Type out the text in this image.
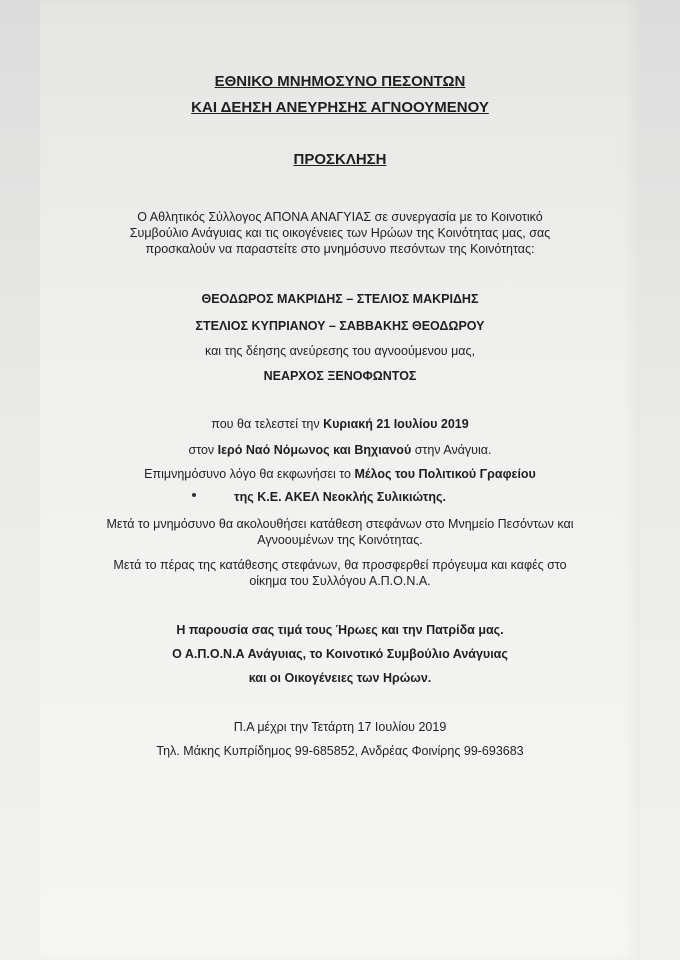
ΕΘΝΙΚΟ ΜΝΗΜΟΣΥΝΟ ΠΕΣΟΝΤΩΝ
ΚΑΙ ΔΕΗΣΗ ΑΝΕΥΡΗΣΗΣ ΑΓΝΟΟΥΜΕΝΟΥ
ΠΡΟΣΚΛΗΣΗ
Ο Αθλητικός Σύλλογος ΑΠΟΝΑ ΑΝΑΓΥΙΑΣ σε συνεργασία με το Κοινοτικό
Συμβούλιο Ανάγυιας και τις οικογένειες των Ηρώων της Κοινότητας μας, σας
προσκαλούν να παραστείτε στο μνημόσυνο πεσόντων της Κοινότητας:
ΘΕΟΔΩΡΟΣ ΜΑΚΡΙΔΗΣ – ΣΤΕΛΙΟΣ ΜΑΚΡΙΔΗΣ
ΣΤΕΛΙΟΣ ΚΥΠΡΙΑΝΟΥ – ΣΑΒΒΑΚΗΣ ΘΕΟΔΩΡΟΥ
και της δέησης ανεύρεσης του αγνοούμενου μας,
ΝΕΑΡΧΟΣ ΞΕΝΟΦΩΝΤΟΣ
που θα τελεστεί την Κυριακή 21 Ιουλίου 2019
στον Ιερό Ναό Νόμωνος και Βηχιανού στην Ανάγυια.
Επιμνημόσυνο λόγο θα εκφωνήσει το Μέλος του Πολιτικού Γραφείου
της Κ.Ε. ΑΚΕΛ Νεοκλής Συλικιώτης.
Μετά το μνημόσυνο θα ακολουθήσει κατάθεση στεφάνων στο Μνημείο Πεσόντων και
Αγνοουμένων της Κοινότητας.
Μετά το πέρας της κατάθεσης στεφάνων, θα προσφερθεί πρόγευμα και καφές στο
οίκημα του Συλλόγου Α.Π.Ο.Ν.Α.
Η παρουσία σας τιμά τους Ήρωες και την Πατρίδα μας.
Ο Α.Π.Ο.Ν.Α Ανάγυιας, το Κοινοτικό Συμβούλιο Ανάγυιας
και οι Οικογένειες των Ηρώων.
Π.Α μέχρι την Τετάρτη 17 Ιουλίου 2019
Τηλ. Μάκης Κυπρίδημος 99-685852, Ανδρέας Φοινίρης 99-693683
